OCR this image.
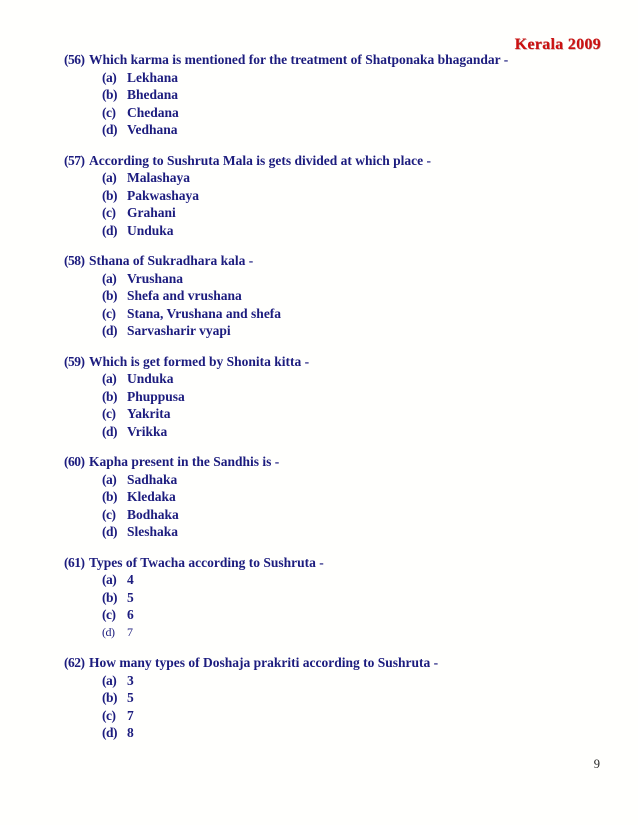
Kerala 2009
(56) Which karma is mentioned for the treatment of Shatponaka bhagandar -
(a) Lekhana
(b) Bhedana
(c) Chedana
(d) Vedhana
(57) According to Sushruta Mala is gets divided at which place -
(a) Malashaya
(b) Pakwashaya
(c) Grahani
(d) Unduka
(58) Sthana of Sukradhara kala -
(a) Vrushana
(b) Shefa and vrushana
(c) Stana, Vrushana and shefa
(d) Sarvasharir vyapi
(59) Which is get formed by Shonita kitta -
(a) Unduka
(b) Phuppusa
(c) Yakrita
(d) Vrikka
(60) Kapha present in the Sandhis is -
(a) Sadhaka
(b) Kledaka
(c) Bodhaka
(d) Sleshaka
(61) Types of Twacha according to Sushruta -
(a) 4
(b) 5
(c) 6
(d)	7
(62) How many types of Doshaja prakriti according to Sushruta -
(a) 3
(b) 5
(c) 7
(d) 8
9
